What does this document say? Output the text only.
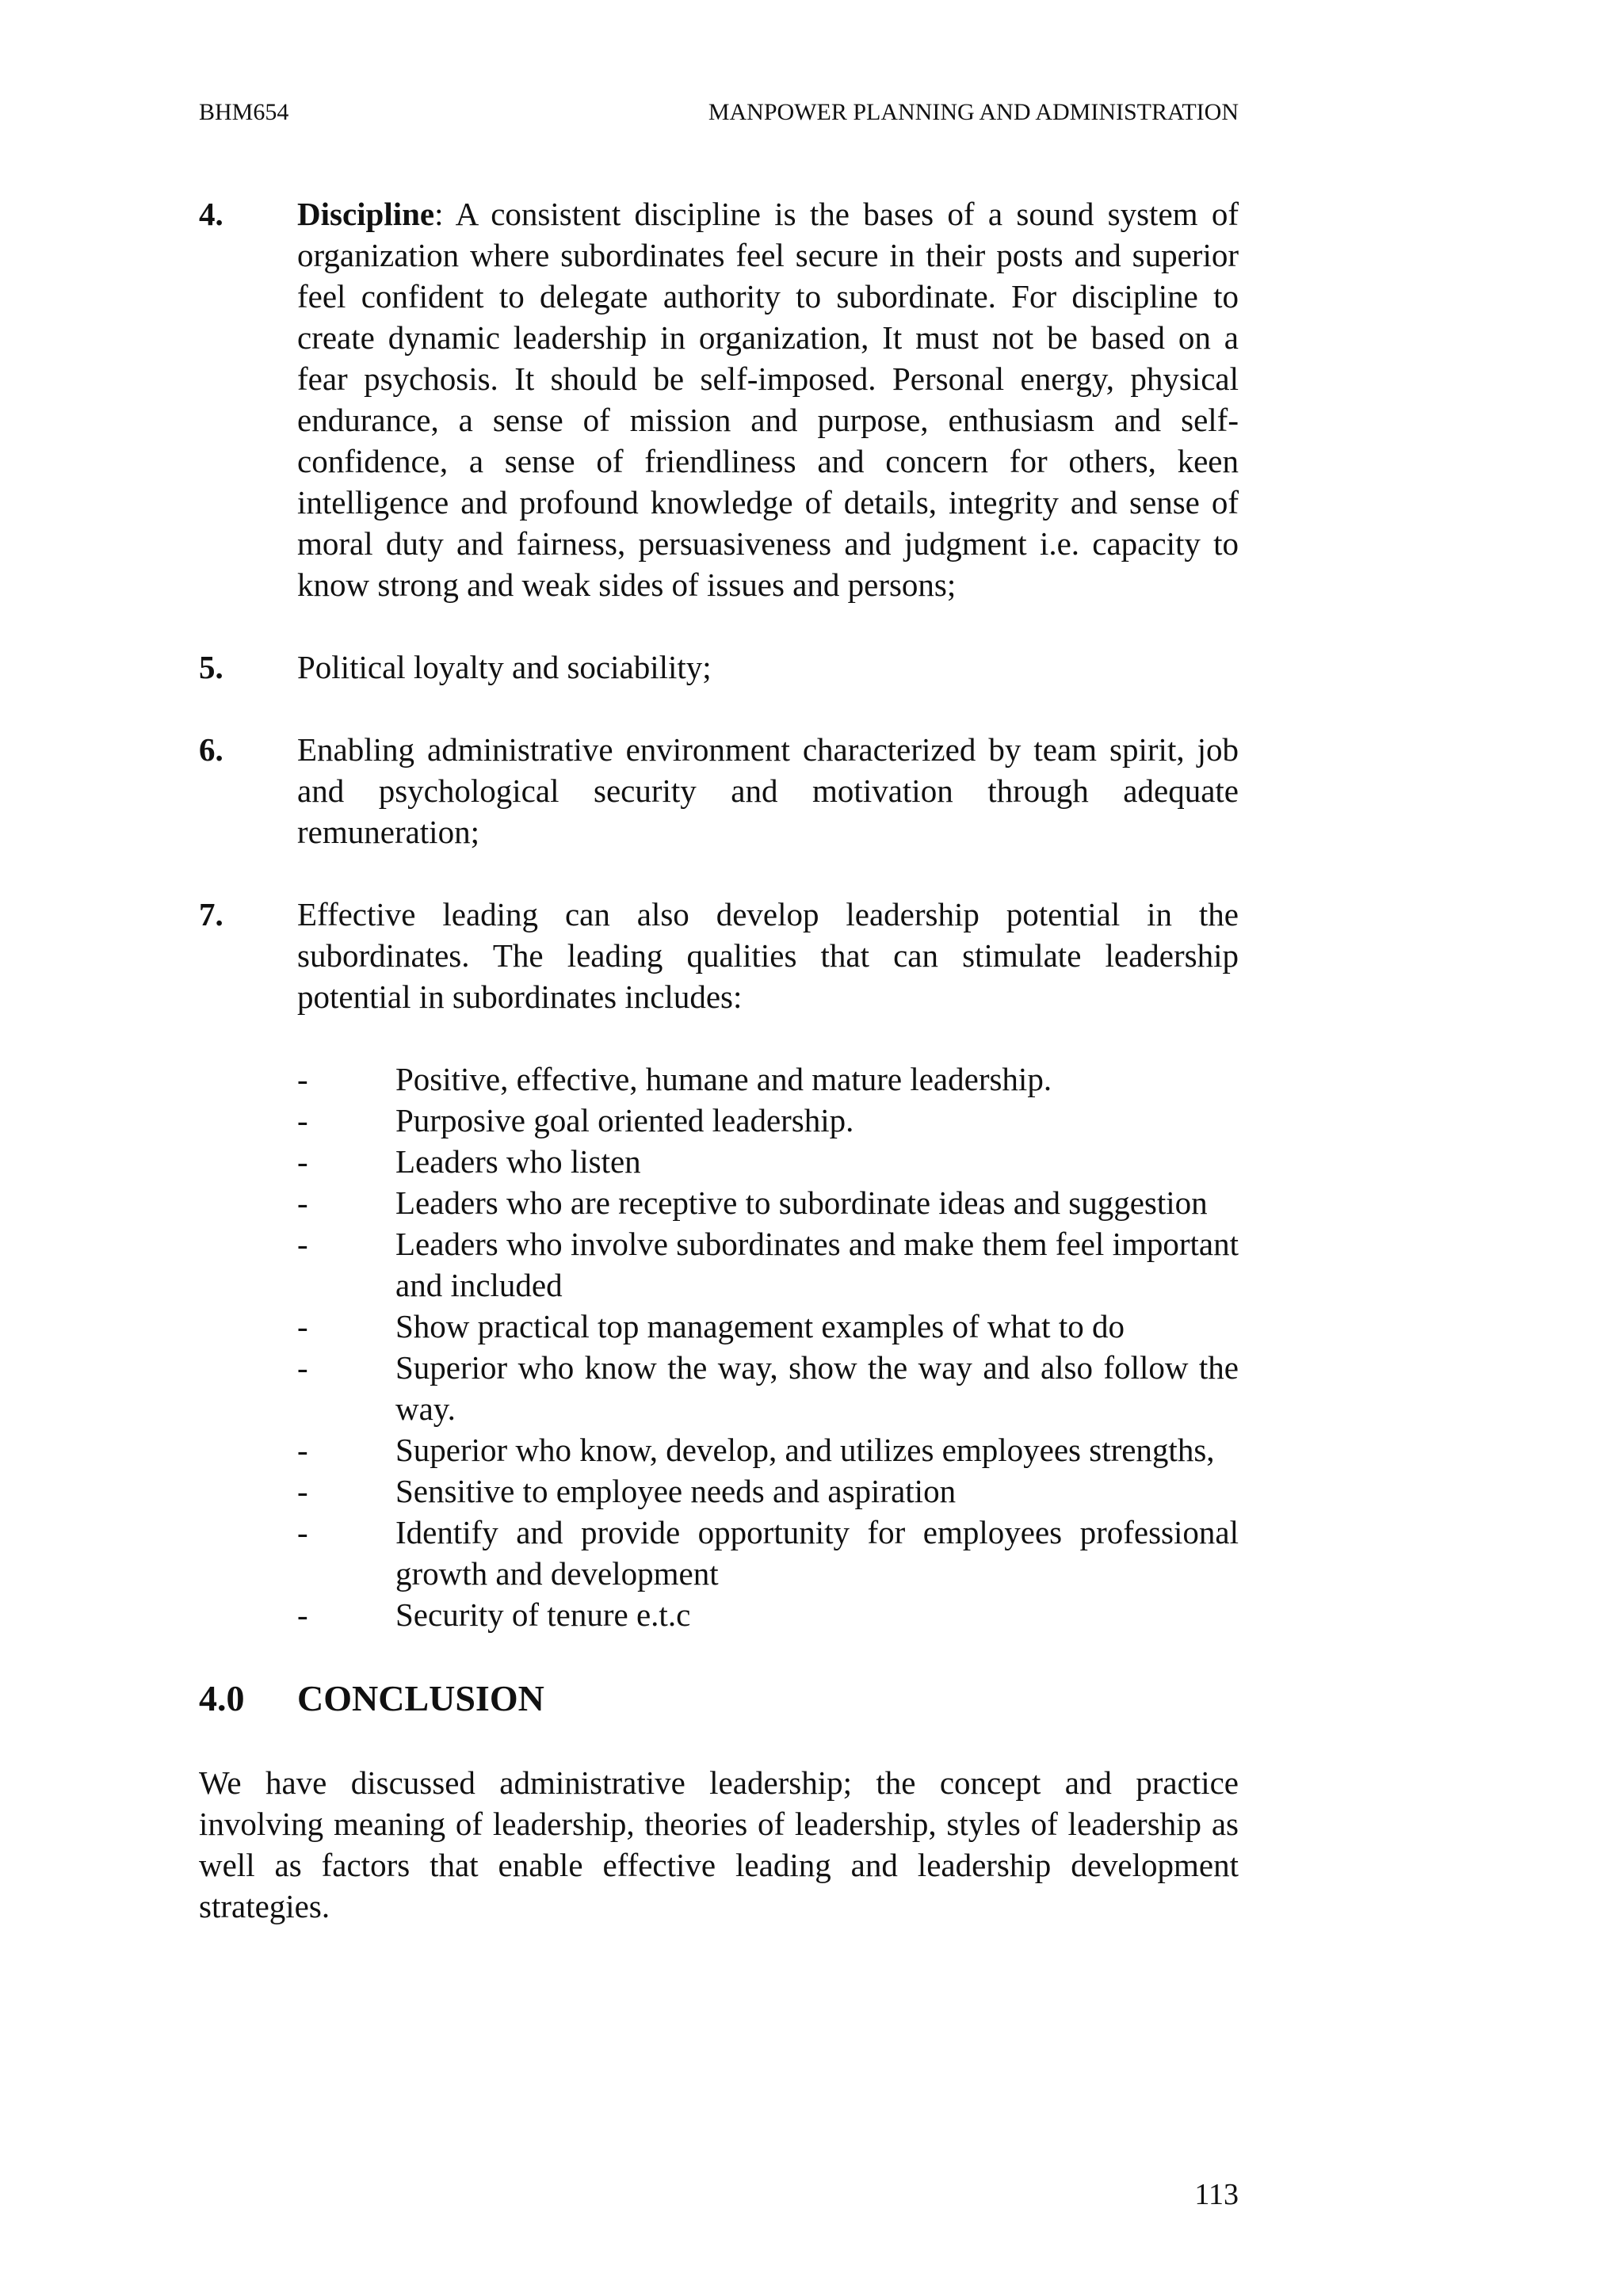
BHM654	MANPOWER PLANNING AND ADMINISTRATION
4.	Discipline: A consistent discipline is the bases of a sound system of organization where subordinates feel secure in their posts and superior feel confident to delegate authority to subordinate. For discipline to create dynamic leadership in organization, It must not be based on a fear psychosis. It should be self-imposed. Personal energy, physical endurance, a sense of mission and purpose, enthusiasm and self-confidence, a sense of friendliness and concern for others, keen intelligence and profound knowledge of details, integrity and sense of moral duty and fairness, persuasiveness and judgment i.e. capacity to know strong and weak sides of issues and persons;
5.	Political loyalty and sociability;
6.	Enabling administrative environment characterized by team spirit, job and psychological security and motivation through adequate remuneration;
7.	Effective leading can also develop leadership potential in the subordinates. The leading qualities that can stimulate leadership potential in subordinates includes:
-	Positive, effective, humane and mature leadership.
-	Purposive goal oriented leadership.
-	Leaders who listen
-	Leaders who are receptive to subordinate ideas and suggestion
-	Leaders who involve subordinates and make them feel important and included
-	Show practical top management examples of what to do
-	Superior who know the way, show the way and also follow the way.
-	Superior who know, develop, and utilizes employees strengths,
-	Sensitive to employee needs and aspiration
-	Identify and provide opportunity for employees professional growth and development
-	Security of tenure e.t.c
4.0	CONCLUSION

We have discussed administrative leadership; the concept and practice involving meaning of leadership, theories of leadership, styles of leadership as well as factors that enable effective leading and leadership development strategies.

113
